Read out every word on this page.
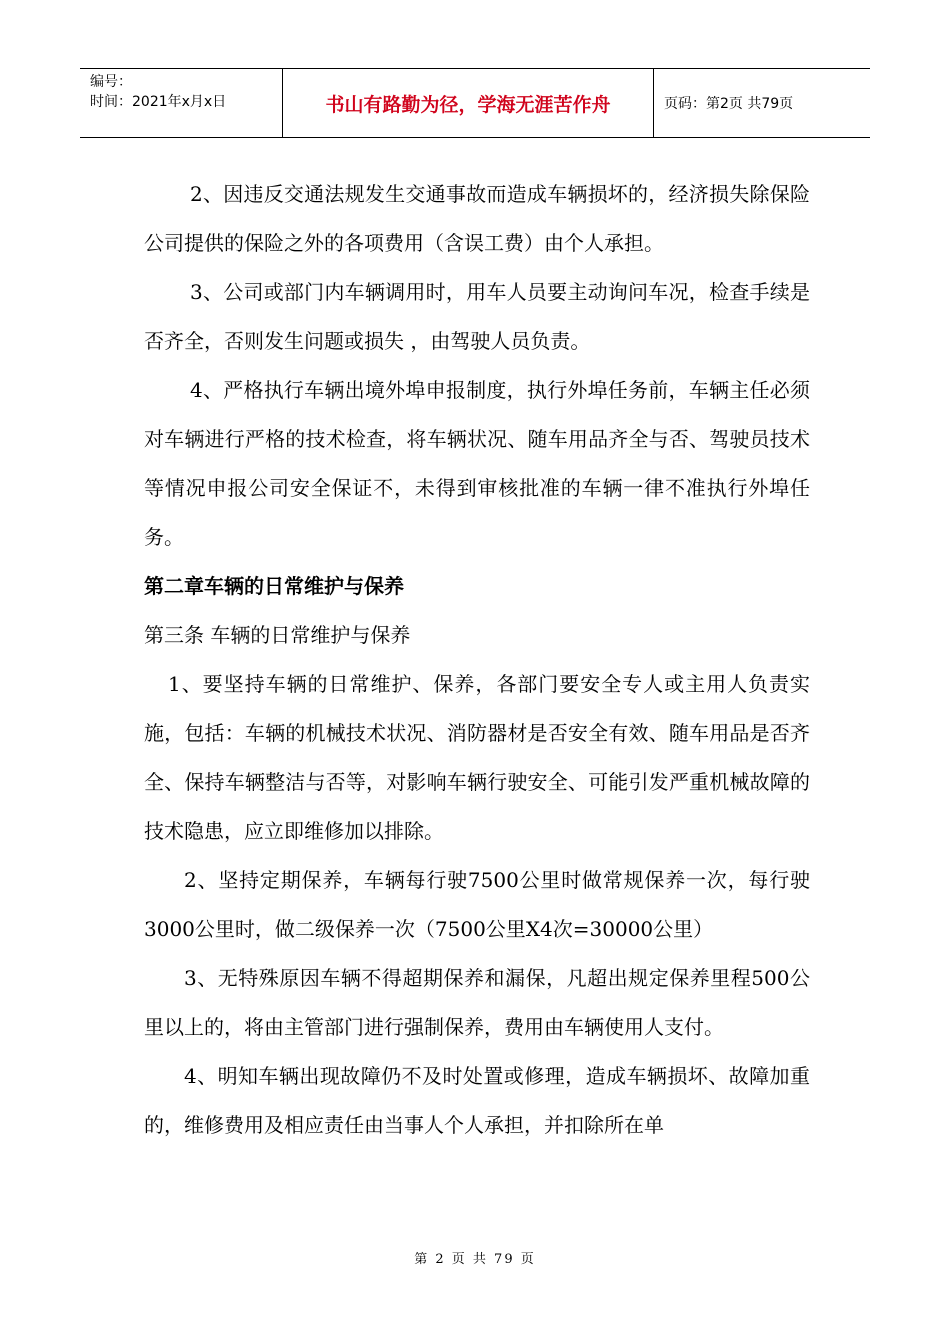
编号：
时间：2021年x月x日	书山有路勤为径，学海无涯苦作舟	页码：第2页 共79页

2、因违反交通法规发生交通事故而造成车辆损坏的，经济损失除保险公司提供的保险之外的各项费用（含误工费）由个人承担。

3、公司或部门内车辆调用时，用车人员要主动询问车况，检查手续是否齐全，否则发生问题或损失 ，由驾驶人员负责。

4、严格执行车辆出境外埠申报制度，执行外埠任务前，车辆主任必须对车辆进行严格的技术检查，将车辆状况、随车用品齐全与否、驾驶员技术等情况申报公司安全保证不，未得到审核批准的车辆一律不准执行外埠任务。

第二章车辆的日常维护与保养

第三条 车辆的日常维护与保养

1、要坚持车辆的日常维护、保养，各部门要安全专人或主用人负责实施，包括：车辆的机械技术状况、消防器材是否安全有效、随车用品是否齐全、保持车辆整洁与否等，对影响车辆行驶安全、可能引发严重机械故障的技术隐患，应立即维修加以排除。

2、坚持定期保养，车辆每行驶7500公里时做常规保养一次，每行驶3000公里时，做二级保养一次（7500公里X4次=30000公里）

3、无特殊原因车辆不得超期保养和漏保，凡超出规定保养里程500公里以上的，将由主管部门进行强制保养，费用由车辆使用人支付。

4、明知车辆出现故障仍不及时处置或修理，造成车辆损坏、故障加重的，维修费用及相应责任由当事人个人承担，并扣除所在单

第 2 页 共 79 页
